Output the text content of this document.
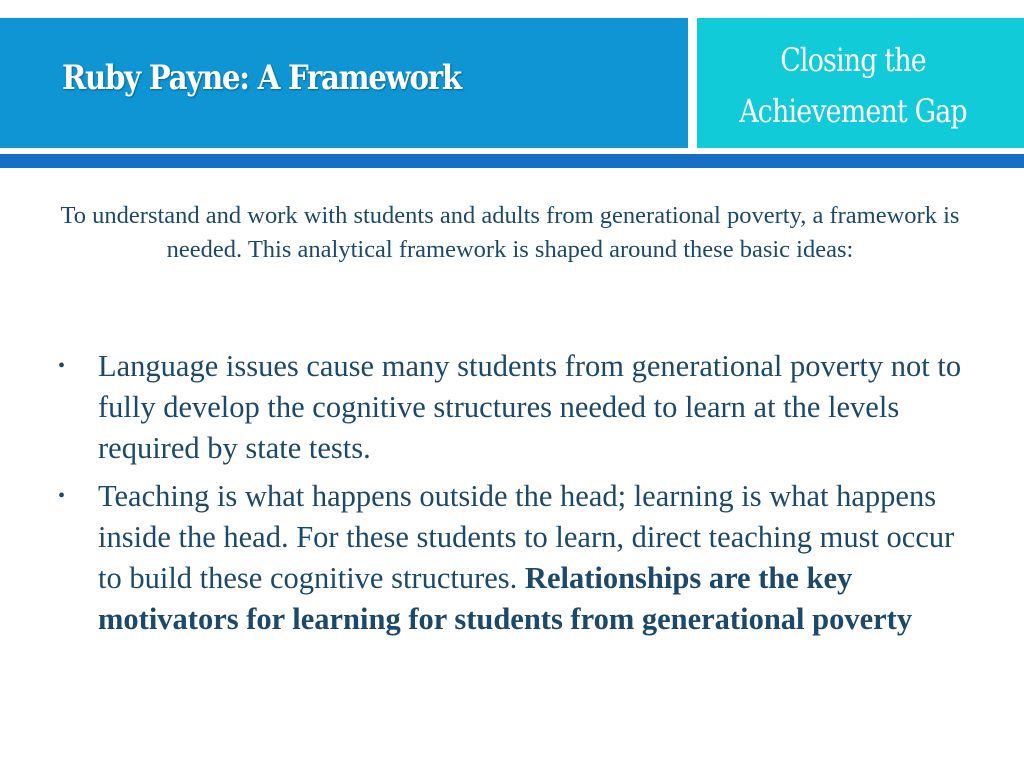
Ruby Payne: A Framework	Closing the Achievement Gap

To understand and work with students and adults from generational poverty, a framework is needed. This analytical framework is shaped around these basic ideas:

• Language issues cause many students from generational poverty not to fully develop the cognitive structures needed to learn at the levels required by state tests.
• Teaching is what happens outside the head; learning is what happens inside the head. For these students to learn, direct teaching must occur to build these cognitive structures. Relationships are the key motivators for learning for students from generational poverty
